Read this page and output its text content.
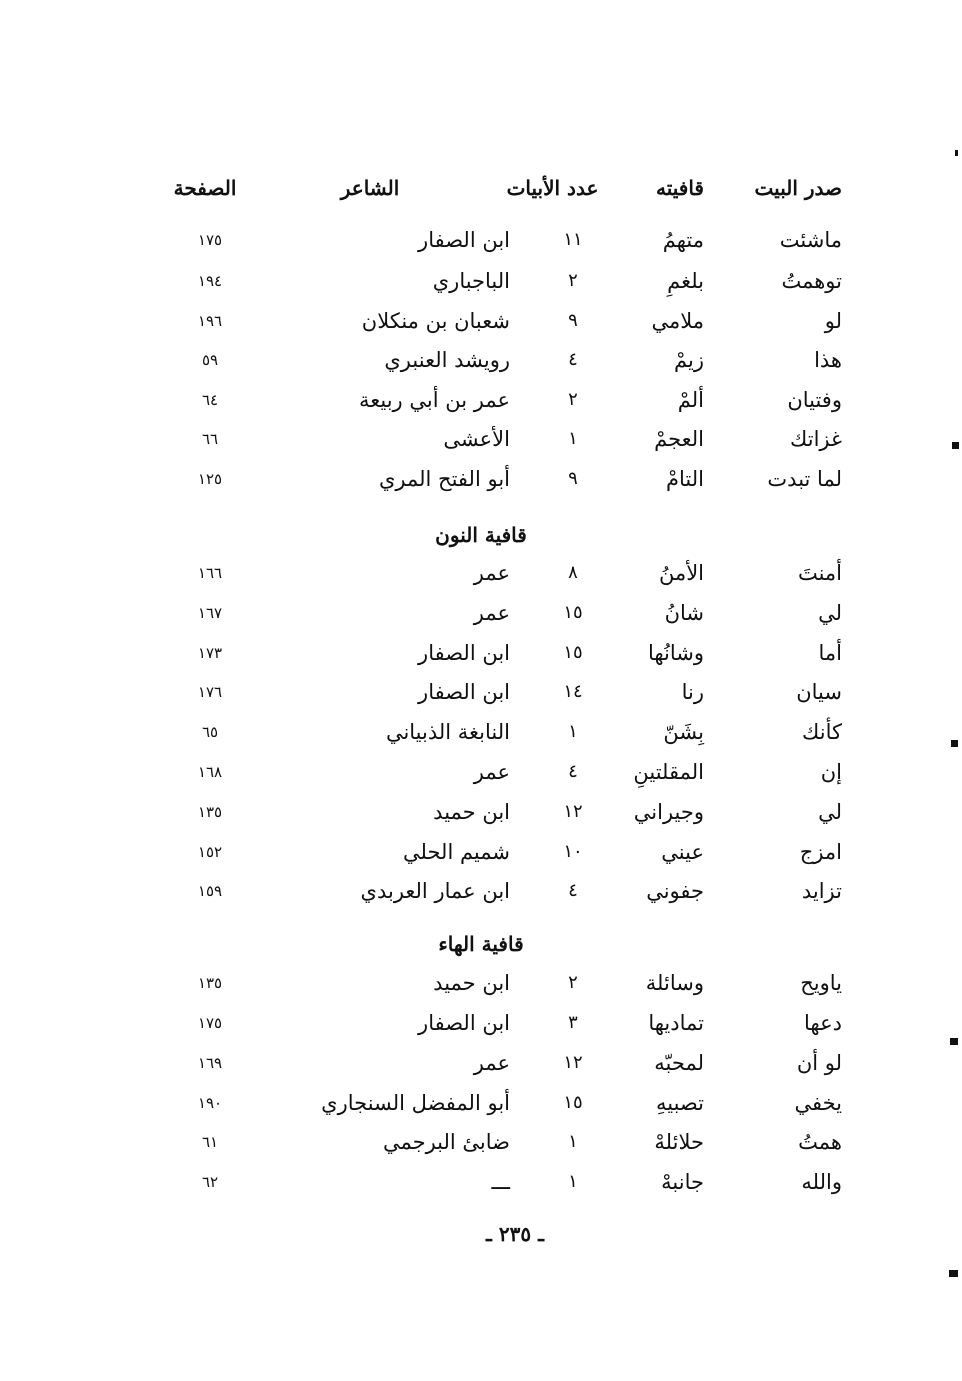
صدر البيت
قافيته
عدد الأبيات
الشاعر
الصفحة
ماشئت
متهمُ
١١
ابن الصفار
١٧٥
توهمتُ
بلغمِ
٢
الباجباري
١٩٤
لو
ملامي
٩
شعبان بن منكلان
١٩٦
هذا
زيمْ
٤
رويشد العنبري
٥٩
وفتيان
ألمْ
٢
عمر بن أبي ربيعة
٦٤
غزاتك
العجمْ
١
الأعشى
٦٦
لما تبدت
التامْ
٩
أبو الفتح المري
١٢٥
قافية النون
أمنتَ
الأمنُ
٨
عمر
١٦٦
لي
شانُ
١٥
عمر
١٦٧
أما
وشانُها
١٥
ابن الصفار
١٧٣
سيان
رنا
١٤
ابن الصفار
١٧٦
كأنك
بِشَنّ
١
النابغة الذبياني
٦٥
إن
المقلتينِ
٤
عمر
١٦٨
لي
وجيراني
١٢
ابن حميد
١٣٥
امزج
عيني
١٠
شميم الحلي
١٥٢
تزايد
جفوني
٤
ابن عمار العربدي
١٥٩
قافية الهاء
ياويح
وسائلة
٢
ابن حميد
١٣٥
دعها
تماديها
٣
ابن الصفار
١٧٥
لو أن
لمحبّه
١٢
عمر
١٦٩
يخفي
تصبيهِ
١٥
أبو المفضل السنجاري
١٩٠
همتُ
حلائلهْ
١
ضابئ البرجمي
٦١
والله
جانبهْ
١
ـــ
٦٢
ـ ٢٣٥ ـ
